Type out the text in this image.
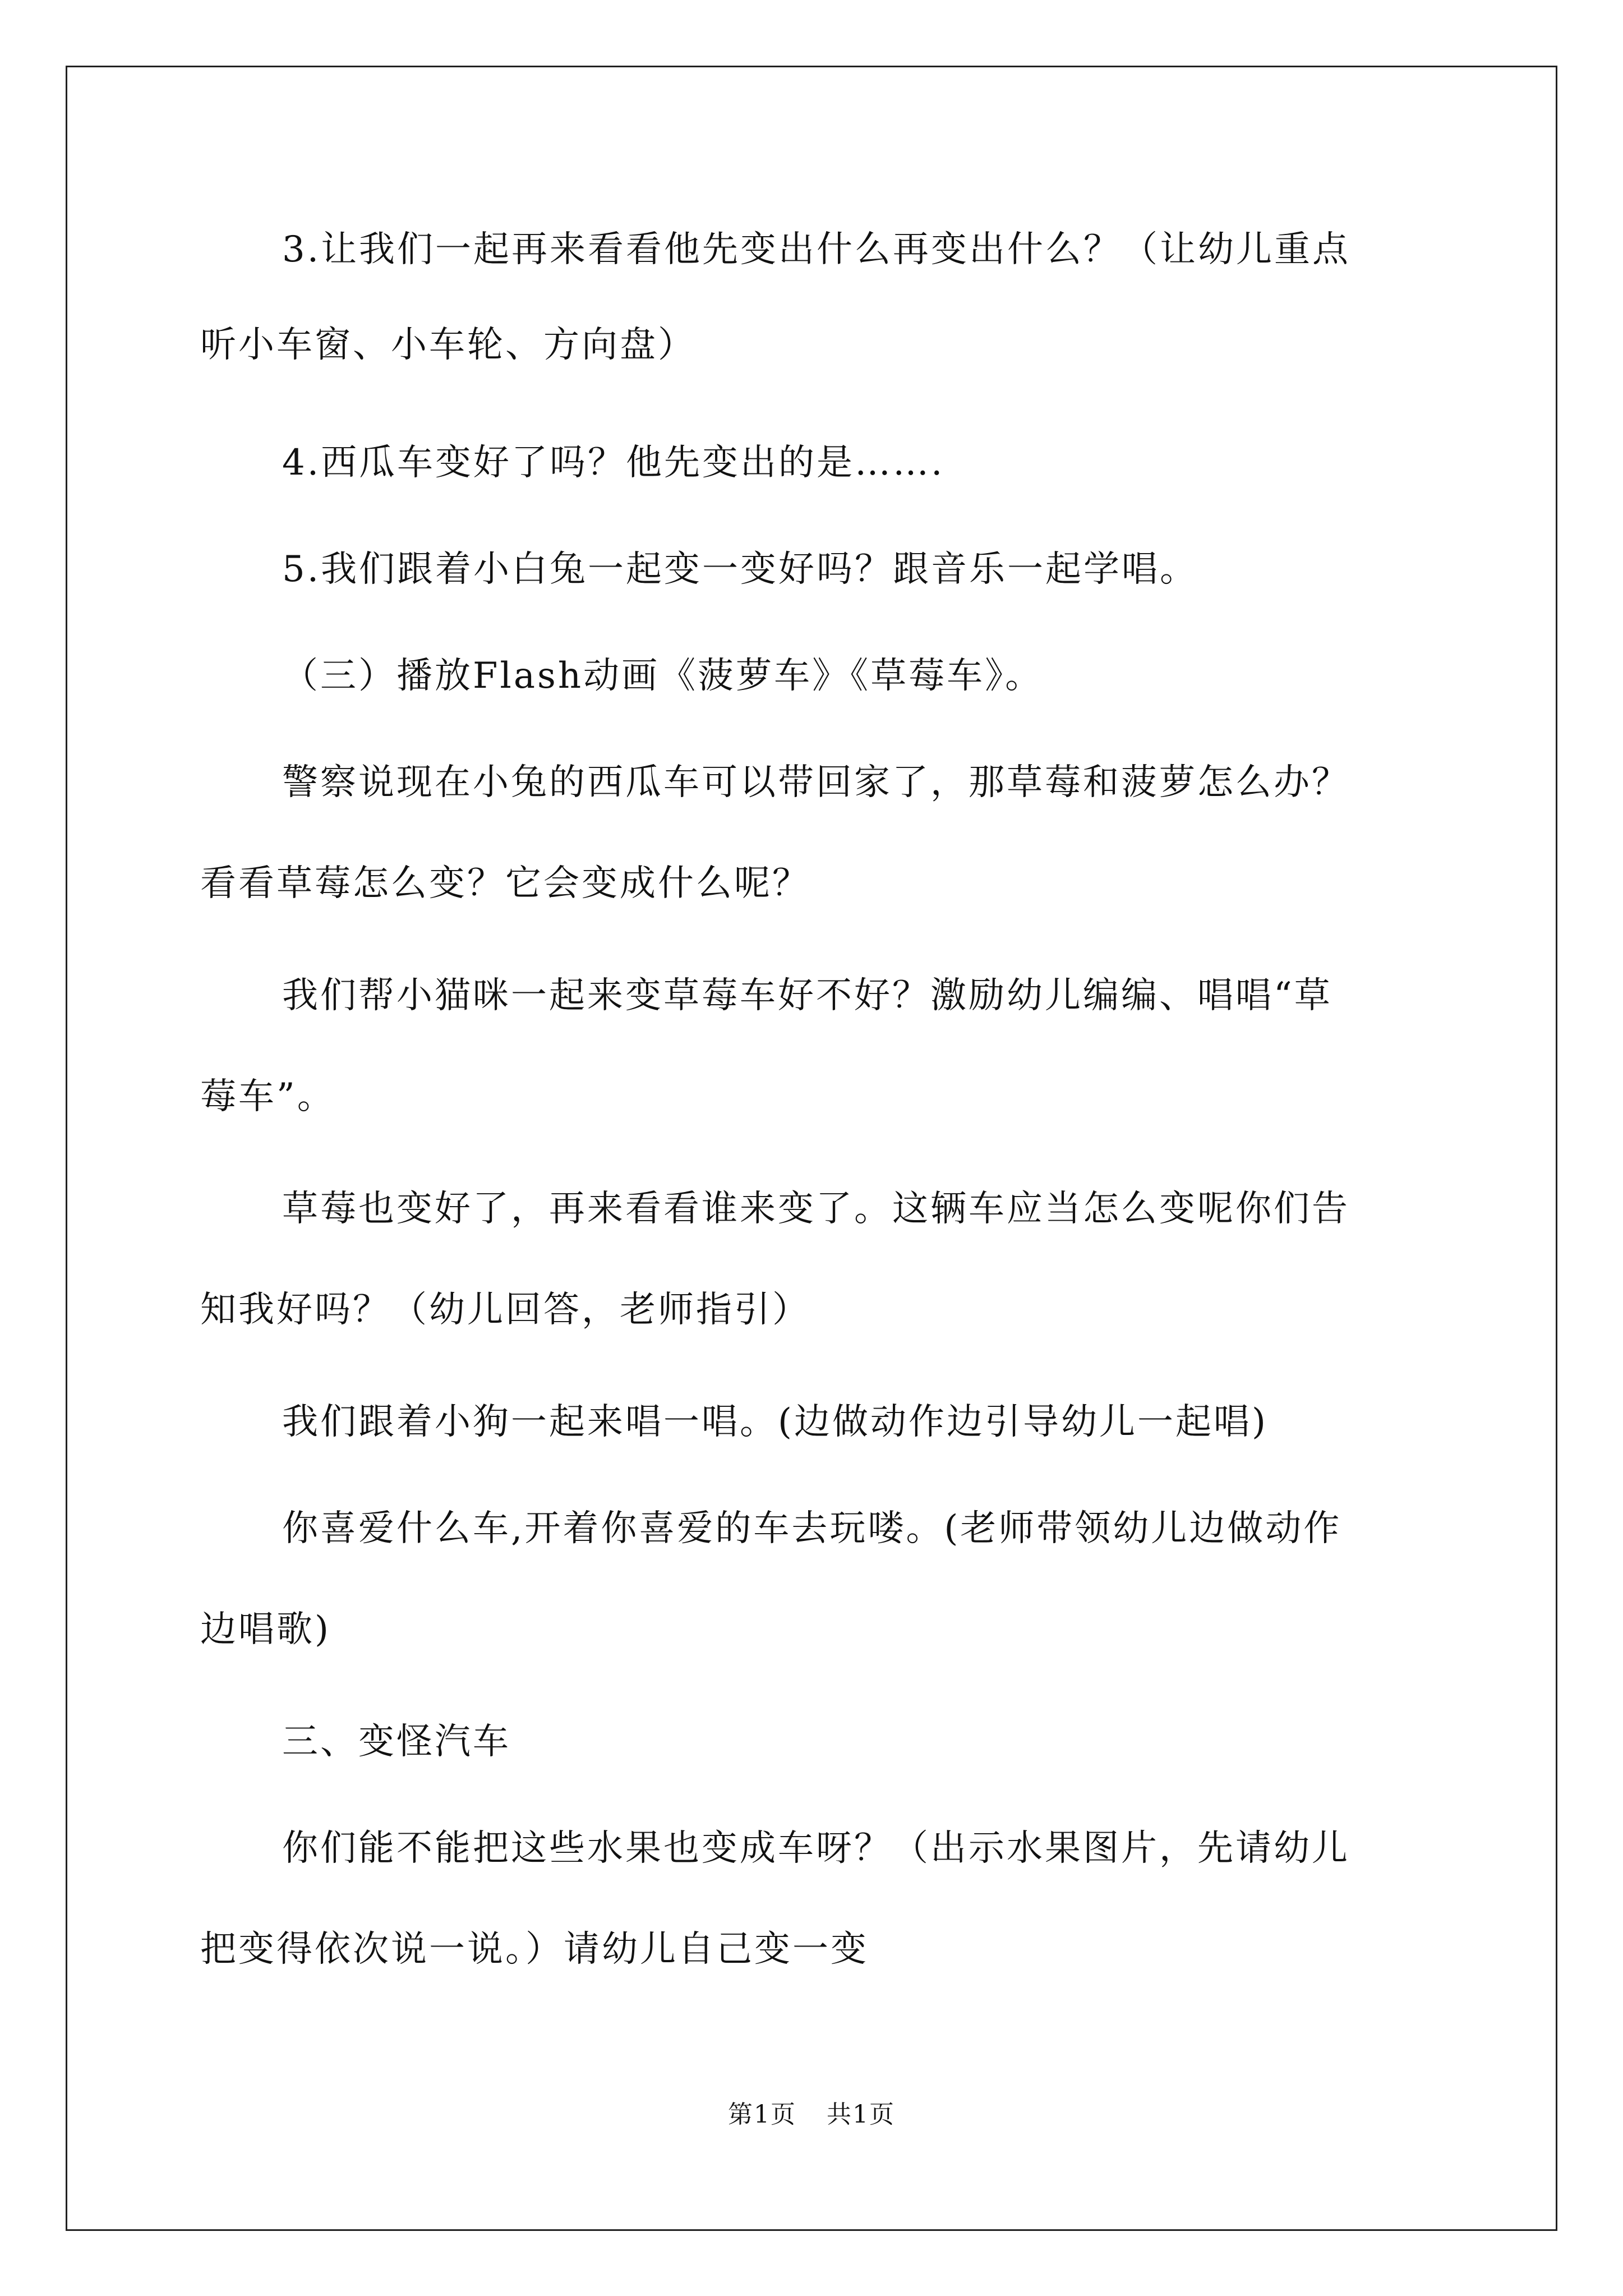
3.让我们一起再来看看他先变出什么再变出什么？（让幼儿重点
听小车窗、小车轮、方向盘）
4.西瓜车变好了吗？他先变出的是…….
5.我们跟着小白兔一起变一变好吗？跟音乐一起学唱。
（三）播放Flash动画《菠萝车》《草莓车》。
警察说现在小兔的西瓜车可以带回家了，那草莓和菠萝怎么办？
看看草莓怎么变？它会变成什么呢？
我们帮小猫咪一起来变草莓车好不好？激励幼儿编编、唱唱“草
莓车”。
草莓也变好了，再来看看谁来变了。这辆车应当怎么变呢你们告
知我好吗？（幼儿回答，老师指引）
我们跟着小狗一起来唱一唱。(边做动作边引导幼儿一起唱)
你喜爱什么车,开着你喜爱的车去玩喽。(老师带领幼儿边做动作
边唱歌)
三、变怪汽车
你们能不能把这些水果也变成车呀？（出示水果图片，先请幼儿
把变得依次说一说。）请幼儿自己变一变
第1页 共1页
